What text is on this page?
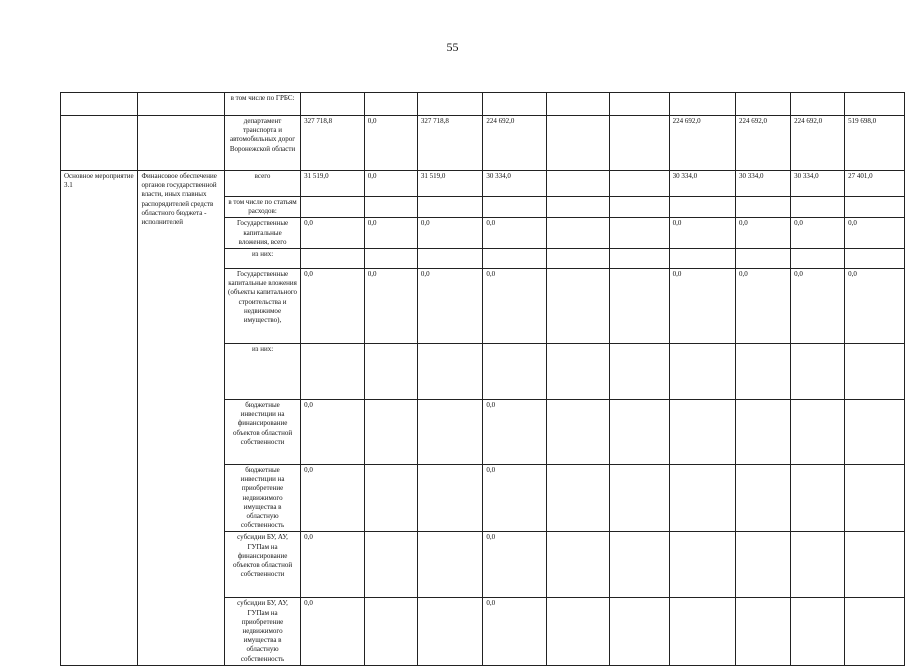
55
		в том числе по ГРБС:										
		департамент транспорта и автомобильных дорог Воронежской области	327 718,8	0,0	327 718,8	224 692,0			224 692,0	224 692,0	224 692,0	519 698,0
Основное мероприятие 3.1	Финансовое обеспечение органов государственной власти, иных главных распорядителей средств областного бюджета - исполнителей	всего	31 519,0	0,0	31 519,0	30 334,0			30 334,0	30 334,0	30 334,0	27 401,0
		в том числе по статьям расходов:										
		Государственные капитальные вложения, всего	0,0	0,0	0,0	0,0			0,0	0,0	0,0	0,0
		из них:										
		Государственные капитальные вложения (объекты капитального строительства и недвижимое имущество),	0,0	0,0	0,0	0,0			0,0	0,0	0,0	0,0
		из них:										
		бюджетные инвестиции на финансирование объектов областной собственности	0,0			0,0						
		бюджетные инвестиции на приобретение недвижимого имущества в областную собственность	0,0			0,0						
		субсидии БУ, АУ, ГУПам на финансирование объектов областной собственности	0,0			0,0						
		субсидии БУ, АУ, ГУПам на приобретение недвижимого имущества в областную собственность	0,0			0,0						
